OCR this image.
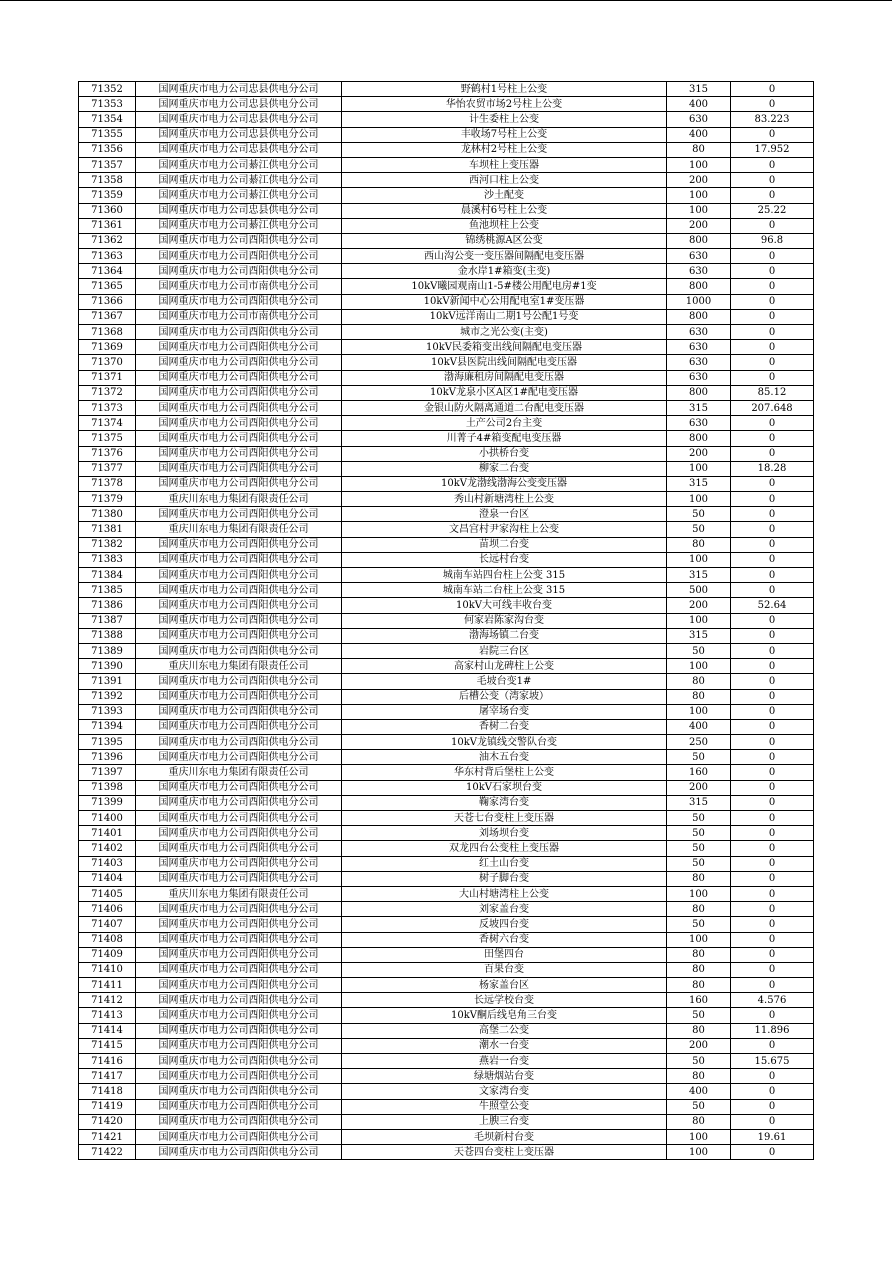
71352	国网重庆市电力公司忠县供电分公司	野鹤村1号柱上公变	315	0
71353	国网重庆市电力公司忠县供电分公司	华怡农贸市场2号柱上公变	400	0
71354	国网重庆市电力公司忠县供电分公司	计生委柱上公变	630	83.223
71355	国网重庆市电力公司忠县供电分公司	丰收场7号柱上公变	400	0
71356	国网重庆市电力公司忠县供电分公司	龙林村2号柱上公变	80	17.952
71357	国网重庆市电力公司綦江供电分公司	车坝柱上变压器	100	0
71358	国网重庆市电力公司綦江供电分公司	西河口柱上公变	200	0
71359	国网重庆市电力公司綦江供电分公司	沙土配变	100	0
71360	国网重庆市电力公司忠县供电分公司	晨溪村6号柱上公变	100	25.22
71361	国网重庆市电力公司綦江供电分公司	鱼池坝柱上公变	200	0
71362	国网重庆市电力公司酉阳供电分公司	锦绣桃源A区公变	800	96.8
71363	国网重庆市电力公司酉阳供电分公司	西山沟公变一变压器间隔配电变压器	630	0
71364	国网重庆市电力公司酉阳供电分公司	金水岸1#箱变(主变)	630	0
71365	国网重庆市电力公司市南供电分公司	10kV曦园观南山1-5#楼公用配电房#1变	800	0
71366	国网重庆市电力公司酉阳供电分公司	10kV新闻中心公用配电室1#变压器	1000	0
71367	国网重庆市电力公司市南供电分公司	10kV远洋南山二期1号公配1号变	800	0
71368	国网重庆市电力公司酉阳供电分公司	城市之光公变(主变)	630	0
71369	国网重庆市电力公司酉阳供电分公司	10kV民委箱变出线间隔配电变压器	630	0
71370	国网重庆市电力公司酉阳供电分公司	10kV县医院出线间隔配电变压器	630	0
71371	国网重庆市电力公司酉阳供电分公司	渤海廉租房间隔配电变压器	630	0
71372	国网重庆市电力公司酉阳供电分公司	10kV龙泉小区A区1#配电变压器	800	85.12
71373	国网重庆市电力公司酉阳供电分公司	金银山防火隔离通道二台配电变压器	315	207.648
71374	国网重庆市电力公司酉阳供电分公司	土产公司2台主变	630	0
71375	国网重庆市电力公司酉阳供电分公司	川菁子4#箱变配电变压器	800	0
71376	国网重庆市电力公司酉阳供电分公司	小拱桥台变	200	0
71377	国网重庆市电力公司酉阳供电分公司	柳家二台变	100	18.28
71378	国网重庆市电力公司酉阳供电分公司	10kV龙渤线渤海公变变压器	315	0
71379	重庆川东电力集团有限责任公司	秀山村新塘湾柱上公变	100	0
71380	国网重庆市电力公司酉阳供电分公司	澄泉一台区	50	0
71381	重庆川东电力集团有限责任公司	文昌宫村尹家沟柱上公变	50	0
71382	国网重庆市电力公司酉阳供电分公司	苗坝二台变	80	0
71383	国网重庆市电力公司酉阳供电分公司	长远村台变	100	0
71384	国网重庆市电力公司酉阳供电分公司	城南车站四台柱上公变 315	315	0
71385	国网重庆市电力公司酉阳供电分公司	城南车站二台柱上公变 315	500	0
71386	国网重庆市电力公司酉阳供电分公司	10kV大可线丰收台变	200	52.64
71387	国网重庆市电力公司酉阳供电分公司	何家岩陈家沟台变	100	0
71388	国网重庆市电力公司酉阳供电分公司	渤海场镇二台变	315	0
71389	国网重庆市电力公司酉阳供电分公司	岩院三台区	50	0
71390	重庆川东电力集团有限责任公司	高家村山龙碑柱上公变	100	0
71391	国网重庆市电力公司酉阳供电分公司	毛坡台变1#	80	0
71392	国网重庆市电力公司酉阳供电分公司	后槽公变（湾家坡）	80	0
71393	国网重庆市电力公司酉阳供电分公司	屠宰场台变	100	0
71394	国网重庆市电力公司酉阳供电分公司	香树二台变	400	0
71395	国网重庆市电力公司酉阳供电分公司	10kV龙镇线交警队台变	250	0
71396	国网重庆市电力公司酉阳供电分公司	油木五台变	50	0
71397	重庆川东电力集团有限责任公司	华东村背后堡柱上公变	160	0
71398	国网重庆市电力公司酉阳供电分公司	10kV石家坝台变	200	0
71399	国网重庆市电力公司酉阳供电分公司	鞠家湾台变	315	0
71400	国网重庆市电力公司酉阳供电分公司	天苍七台变柱上变压器	50	0
71401	国网重庆市电力公司酉阳供电分公司	刘场坝台变	50	0
71402	国网重庆市电力公司酉阳供电分公司	双龙四台公变柱上变压器	50	0
71403	国网重庆市电力公司酉阳供电分公司	红土山台变	50	0
71404	国网重庆市电力公司酉阳供电分公司	树子脚台变	80	0
71405	重庆川东电力集团有限责任公司	大山村塘湾柱上公变	100	0
71406	国网重庆市电力公司酉阳供电分公司	刘家盖台变	80	0
71407	国网重庆市电力公司酉阳供电分公司	反坡四台变	50	0
71408	国网重庆市电力公司酉阳供电分公司	香树六台变	100	0
71409	国网重庆市电力公司酉阳供电分公司	田堡四台	80	0
71410	国网重庆市电力公司酉阳供电分公司	百果台变	80	0
71411	国网重庆市电力公司酉阳供电分公司	杨家盖台区	80	0
71412	国网重庆市电力公司酉阳供电分公司	长远学校台变	160	4.576
71413	国网重庆市电力公司酉阳供电分公司	10kV酮后线皂角三台变	50	0
71414	国网重庆市电力公司酉阳供电分公司	高堡二公变	80	11.896
71415	国网重庆市电力公司酉阳供电分公司	潮水一台变	200	0
71416	国网重庆市电力公司酉阳供电分公司	燕岩一台变	50	15.675
71417	国网重庆市电力公司酉阳供电分公司	绿塘烟站台变	80	0
71418	国网重庆市电力公司酉阳供电分公司	文家湾台变	400	0
71419	国网重庆市电力公司酉阳供电分公司	牛照堂公变	50	0
71420	国网重庆市电力公司酉阳供电分公司	上腴三台变	80	0
71421	国网重庆市电力公司酉阳供电分公司	毛坝新村台变	100	19.61
71422	国网重庆市电力公司酉阳供电分公司	天苍四台变柱上变压器	100	0
